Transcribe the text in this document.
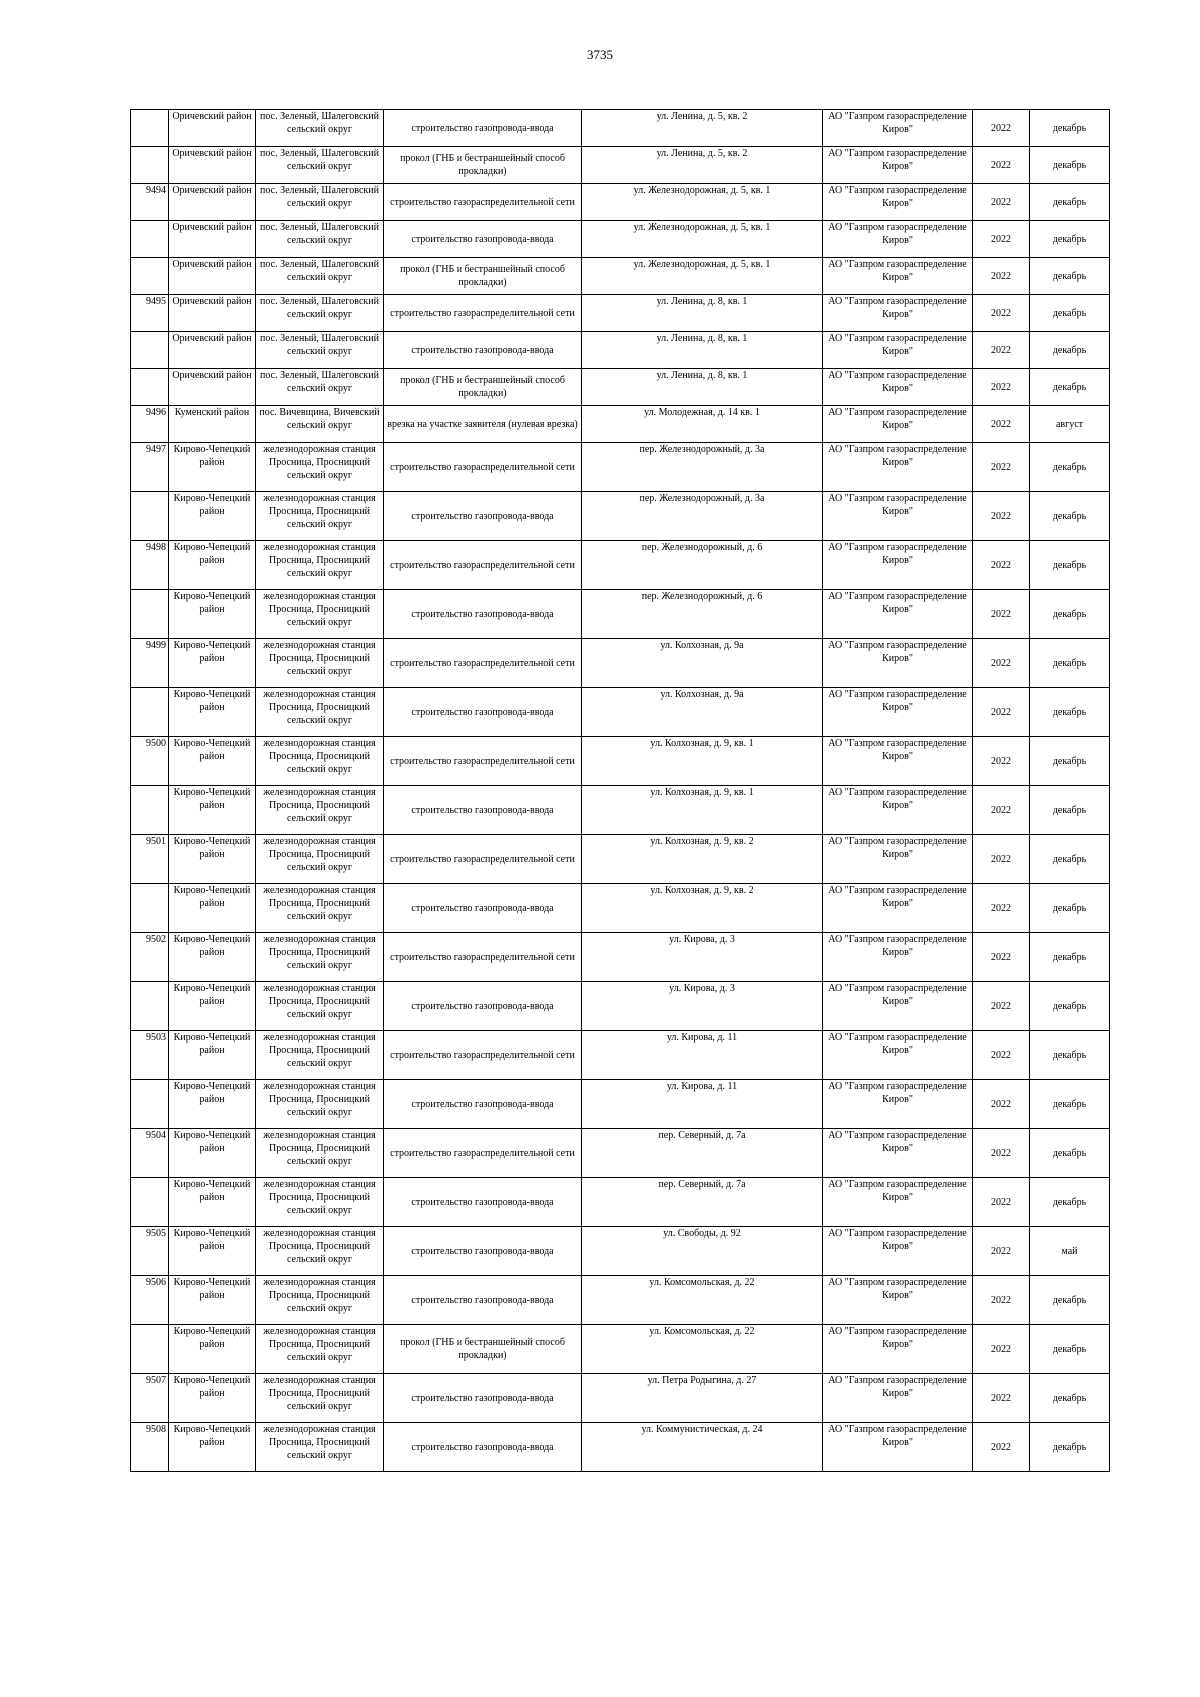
3735
	Оричевский район	пос. Зеленый, Шалеговский сельский округ	строительство газопровода-ввода	ул. Ленина, д. 5, кв. 2	АО "Газпром газораспределение Киров"	2022	декабрь
	Оричевский район	пос. Зеленый, Шалеговский сельский округ	прокол (ГНБ и бестраншейный способ прокладки)	ул. Ленина, д. 5, кв. 2	АО "Газпром газораспределение Киров"	2022	декабрь
9494	Оричевский район	пос. Зеленый, Шалеговский сельский округ	строительство газораспределительной сети	ул. Железнодорожная, д. 5, кв. 1	АО "Газпром газораспределение Киров"	2022	декабрь
	Оричевский район	пос. Зеленый, Шалеговский сельский округ	строительство газопровода-ввода	ул. Железнодорожная, д. 5, кв. 1	АО "Газпром газораспределение Киров"	2022	декабрь
	Оричевский район	пос. Зеленый, Шалеговский сельский округ	прокол (ГНБ и бестраншейный способ прокладки)	ул. Железнодорожная, д. 5, кв. 1	АО "Газпром газораспределение Киров"	2022	декабрь
9495	Оричевский район	пос. Зеленый, Шалеговский сельский округ	строительство газораспределительной сети	ул. Ленина, д. 8, кв. 1	АО "Газпром газораспределение Киров"	2022	декабрь
	Оричевский район	пос. Зеленый, Шалеговский сельский округ	строительство газопровода-ввода	ул. Ленина, д. 8, кв. 1	АО "Газпром газораспределение Киров"	2022	декабрь
	Оричевский район	пос. Зеленый, Шалеговский сельский округ	прокол (ГНБ и бестраншейный способ прокладки)	ул. Ленина, д. 8, кв. 1	АО "Газпром газораспределение Киров"	2022	декабрь
9496	Куменский район	пос. Вичевщина, Вичевский сельский округ	врезка на участке заявителя (нулевая врезка)	ул. Молодежная, д. 14 кв. 1	АО "Газпром газораспределение Киров"	2022	август
9497	Кирово-Чепецкий район	железнодорожная станция Просница, Просницкий сельский округ	строительство газораспределительной сети	пер. Железнодорожный, д. 3а	АО "Газпром газораспределение Киров"	2022	декабрь
	Кирово-Чепецкий район	железнодорожная станция Просница, Просницкий сельский округ	строительство газопровода-ввода	пер. Железнодорожный, д. 3а	АО "Газпром газораспределение Киров"	2022	декабрь
9498	Кирово-Чепецкий район	железнодорожная станция Просница, Просницкий сельский округ	строительство газораспределительной сети	пер. Железнодорожный, д. 6	АО "Газпром газораспределение Киров"	2022	декабрь
	Кирово-Чепецкий район	железнодорожная станция Просница, Просницкий сельский округ	строительство газопровода-ввода	пер. Железнодорожный, д. 6	АО "Газпром газораспределение Киров"	2022	декабрь
9499	Кирово-Чепецкий район	железнодорожная станция Просница, Просницкий сельский округ	строительство газораспределительной сети	ул. Колхозная, д. 9а	АО "Газпром газораспределение Киров"	2022	декабрь
	Кирово-Чепецкий район	железнодорожная станция Просница, Просницкий сельский округ	строительство газопровода-ввода	ул. Колхозная, д. 9а	АО "Газпром газораспределение Киров"	2022	декабрь
9500	Кирово-Чепецкий район	железнодорожная станция Просница, Просницкий сельский округ	строительство газораспределительной сети	ул. Колхозная, д. 9, кв. 1	АО "Газпром газораспределение Киров"	2022	декабрь
	Кирово-Чепецкий район	железнодорожная станция Просница, Просницкий сельский округ	строительство газопровода-ввода	ул. Колхозная, д. 9, кв. 1	АО "Газпром газораспределение Киров"	2022	декабрь
9501	Кирово-Чепецкий район	железнодорожная станция Просница, Просницкий сельский округ	строительство газораспределительной сети	ул. Колхозная, д. 9, кв. 2	АО "Газпром газораспределение Киров"	2022	декабрь
	Кирово-Чепецкий район	железнодорожная станция Просница, Просницкий сельский округ	строительство газопровода-ввода	ул. Колхозная, д. 9, кв. 2	АО "Газпром газораспределение Киров"	2022	декабрь
9502	Кирово-Чепецкий район	железнодорожная станция Просница, Просницкий сельский округ	строительство газораспределительной сети	ул. Кирова, д. 3	АО "Газпром газораспределение Киров"	2022	декабрь
	Кирово-Чепецкий район	железнодорожная станция Просница, Просницкий сельский округ	строительство газопровода-ввода	ул. Кирова, д. 3	АО "Газпром газораспределение Киров"	2022	декабрь
9503	Кирово-Чепецкий район	железнодорожная станция Просница, Просницкий сельский округ	строительство газораспределительной сети	ул. Кирова, д. 11	АО "Газпром газораспределение Киров"	2022	декабрь
	Кирово-Чепецкий район	железнодорожная станция Просница, Просницкий сельский округ	строительство газопровода-ввода	ул. Кирова, д. 11	АО "Газпром газораспределение Киров"	2022	декабрь
9504	Кирово-Чепецкий район	железнодорожная станция Просница, Просницкий сельский округ	строительство газораспределительной сети	пер. Северный, д. 7а	АО "Газпром газораспределение Киров"	2022	декабрь
	Кирово-Чепецкий район	железнодорожная станция Просница, Просницкий сельский округ	строительство газопровода-ввода	пер. Северный, д. 7а	АО "Газпром газораспределение Киров"	2022	декабрь
9505	Кирово-Чепецкий район	железнодорожная станция Просница, Просницкий сельский округ	строительство газопровода-ввода	ул. Свободы, д. 92	АО "Газпром газораспределение Киров"	2022	май
9506	Кирово-Чепецкий район	железнодорожная станция Просница, Просницкий сельский округ	строительство газопровода-ввода	ул. Комсомольская, д. 22	АО "Газпром газораспределение Киров"	2022	декабрь
	Кирово-Чепецкий район	железнодорожная станция Просница, Просницкий сельский округ	прокол (ГНБ и бестраншейный способ прокладки)	ул. Комсомольская, д. 22	АО "Газпром газораспределение Киров"	2022	декабрь
9507	Кирово-Чепецкий район	железнодорожная станция Просница, Просницкий сельский округ	строительство газопровода-ввода	ул. Петра Родыгина, д. 27	АО "Газпром газораспределение Киров"	2022	декабрь
9508	Кирово-Чепецкий район	железнодорожная станция Просница, Просницкий сельский округ	строительство газопровода-ввода	ул. Коммунистическая, д. 24	АО "Газпром газораспределение Киров"	2022	декабрь
